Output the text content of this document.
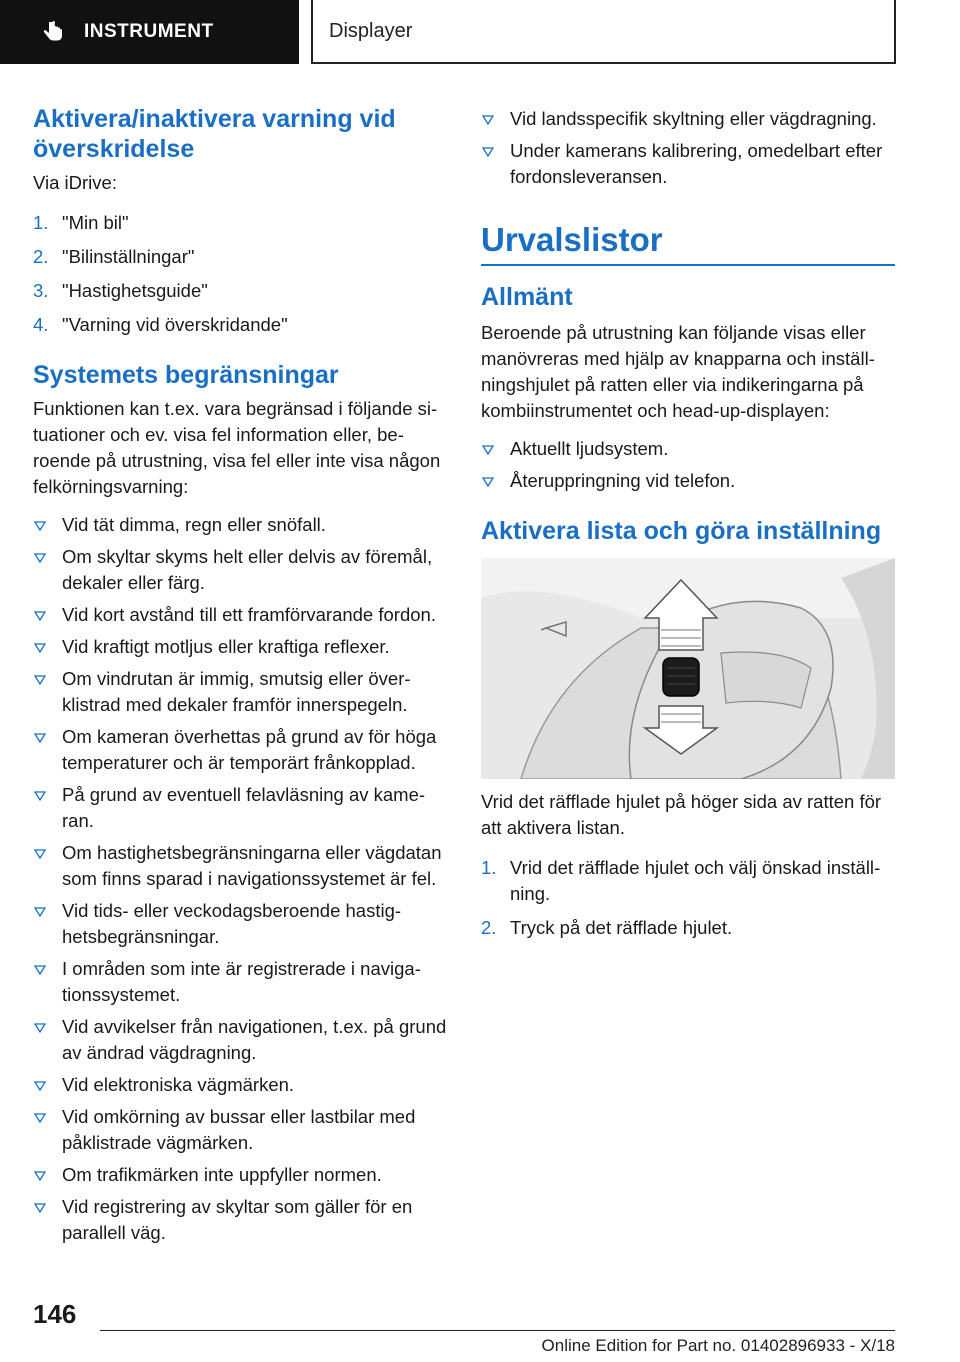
INSTRUMENT	Displayer
Aktivera/inaktivera varning vid överskridelse

Via iDrive:

1. "Min bil"
2. "Bilinställningar"
3. "Hastighetsguide"
4. "Varning vid överskridande"
Systemets begränsningar

Funktionen kan t.ex. vara begränsad i följande situationer och ev. visa fel information eller, beroende på utrustning, visa fel eller inte visa någon felkörningsvarning:

Vid tät dimma, regn eller snöfall.
Om skyltar skyms helt eller delvis av föremål, dekaler eller färg.
Vid kort avstånd till ett framförvarande fordon.
Vid kraftigt motljus eller kraftiga reflexer.
Om vindrutan är immig, smutsig eller överklistrad med dekaler framför innerspegeln.
Om kameran överhettas på grund av för höga temperaturer och är temporärt frånkopplad.
På grund av eventuell felavläsning av kameran.
Om hastighetsbegränsningarna eller vägdatan som finns sparad i navigationssystemet är fel.
Vid tids- eller veckodagsberoende hastighetsbegränsningar.
I områden som inte är registrerade i navigationssystemet.
Vid avvikelser från navigationen, t.ex. på grund av ändrad vägdragning.
Vid elektroniska vägmärken.
Vid omkörning av bussar eller lastbilar med påklistrade vägmärken.
Om trafikmärken inte uppfyller normen.
Vid registrering av skyltar som gäller för en parallell väg.
Vid landsspecifik skyltning eller vägdragning.
Under kamerans kalibrering, omedelbart efter fordonsleveransen.
Urvalslistor
Allmänt

Beroende på utrustning kan följande visas eller manövreras med hjälp av knapparna och inställningshjulet på ratten eller via indikeringarna på kombiinstrumentet och head-up-displayen:

Aktuellt ljudsystem.
Återuppringning vid telefon.
Aktivera lista och göra inställning

Vrid det räfflade hjulet på höger sida av ratten för att aktivera listan.

1. Vrid det räfflade hjulet och välj önskad inställning.
2. Tryck på det räfflade hjulet.
146
Online Edition for Part no. 01402896933 - X/18
